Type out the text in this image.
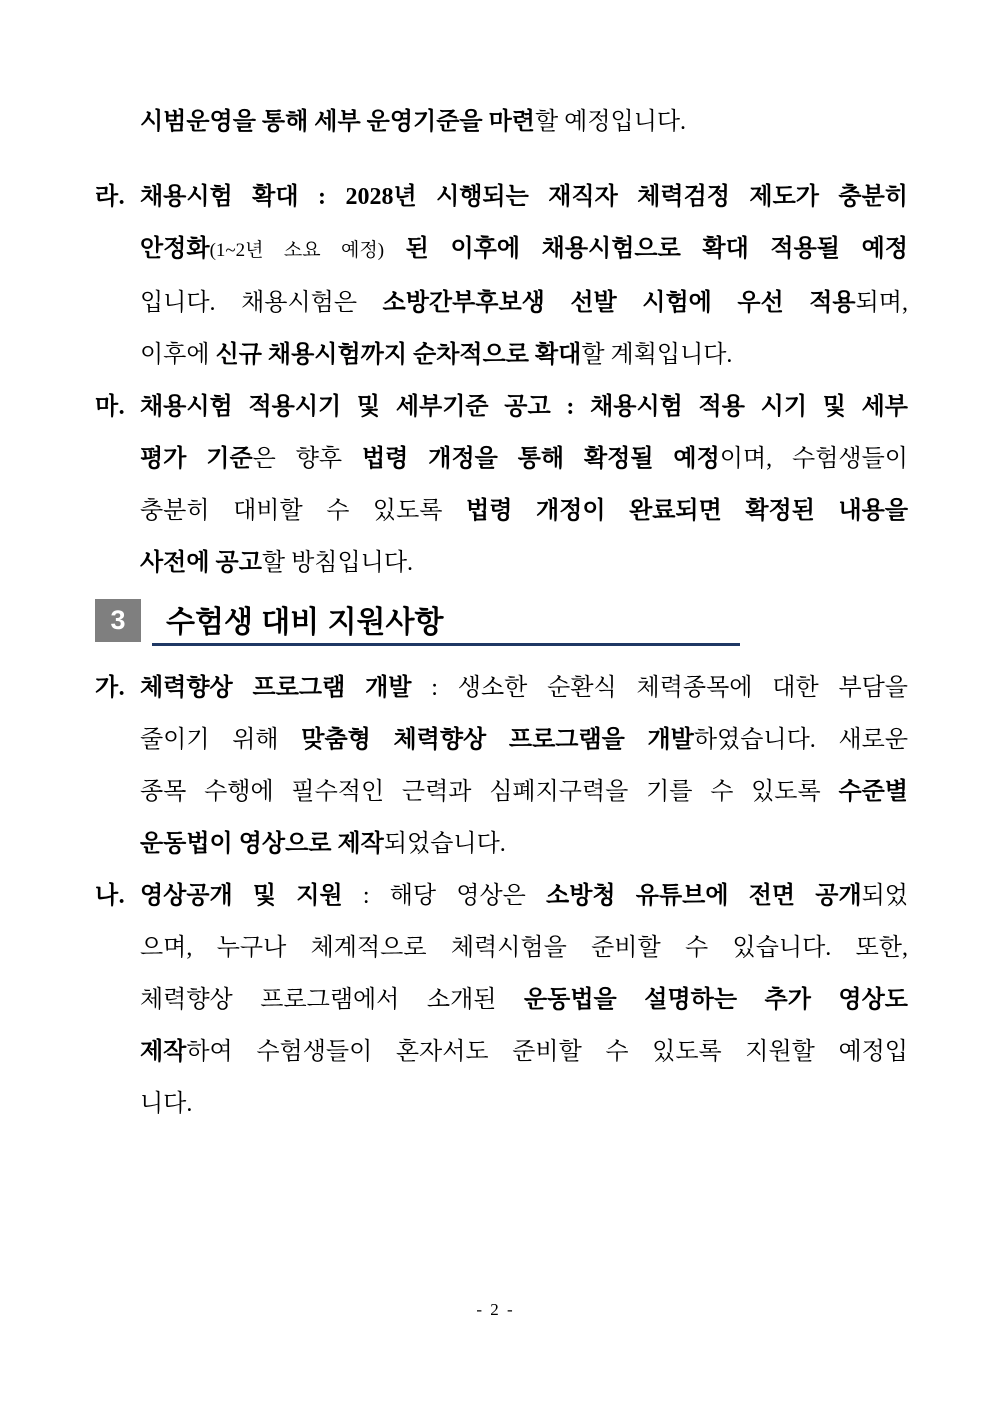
시범운영을 통해 세부 운영기준을 마련할 예정입니다.
라. 채용시험 확대 : 2028년 시행되는 재직자 체력검정 제도가 충분히
안정화(1~2년 소요 예정) 된 이후에 채용시험으로 확대 적용될 예정
입니다. 채용시험은 소방간부후보생 선발 시험에 우선 적용되며,
이후에 신규 채용시험까지 순차적으로 확대할 계획입니다.
마. 채용시험 적용시기 및 세부기준 공고 : 채용시험 적용 시기 및 세부
평가 기준은 향후 법령 개정을 통해 확정될 예정이며, 수험생들이
충분히 대비할 수 있도록 법령 개정이 완료되면 확정된 내용을
사전에 공고할 방침입니다.
3	수험생 대비 지원사항
가. 체력향상 프로그램 개발 : 생소한 순환식 체력종목에 대한 부담을
줄이기 위해 맞춤형 체력향상 프로그램을 개발하였습니다. 새로운
종목 수행에 필수적인 근력과 심폐지구력을 기를 수 있도록 수준별
운동법이 영상으로 제작되었습니다.
나. 영상공개 및 지원 : 해당 영상은 소방청 유튜브에 전면 공개되었
으며, 누구나 체계적으로 체력시험을 준비할 수 있습니다. 또한,
체력향상 프로그램에서 소개된 운동법을 설명하는 추가 영상도
제작하여 수험생들이 혼자서도 준비할 수 있도록 지원할 예정입
니다.
- 2 -
